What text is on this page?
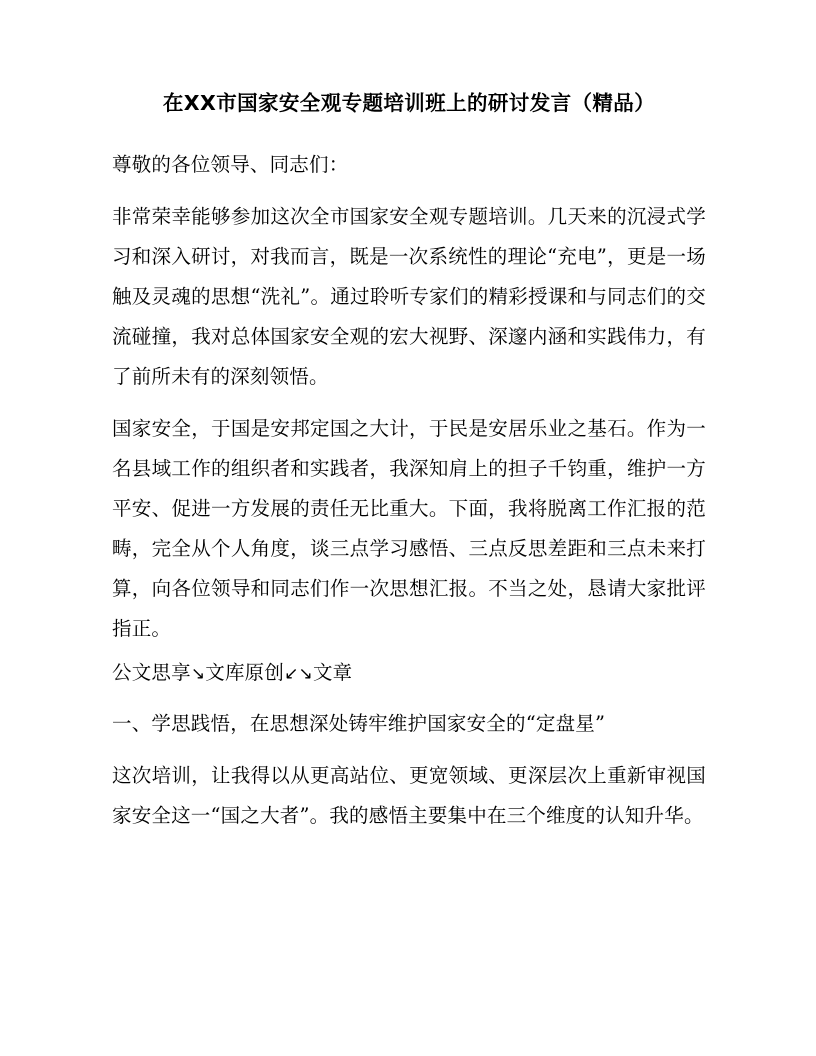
在XX市国家安全观专题培训班上的研讨发言（精品）

尊敬的各位领导、同志们：

非常荣幸能够参加这次全市国家安全观专题培训。几天来的沉浸式学习和深入研讨，对我而言，既是一次系统性的理论“充电”，更是一场触及灵魂的思想“洗礼”。通过聆听专家们的精彩授课和与同志们的交流碰撞，我对总体国家安全观的宏大视野、深邃内涵和实践伟力，有了前所未有的深刻领悟。

国家安全，于国是安邦定国之大计，于民是安居乐业之基石。作为一名县域工作的组织者和实践者，我深知肩上的担子千钧重，维护一方平安、促进一方发展的责任无比重大。下面，我将脱离工作汇报的范畴，完全从个人角度，谈三点学习感悟、三点反思差距和三点未来打算，向各位领导和同志们作一次思想汇报。不当之处，恳请大家批评指正。

公文思享↘文库原创↙↘文章

一、学思践悟，在思想深处铸牢维护国家安全的“定盘星”

这次培训，让我得以从更高站位、更宽领域、更深层次上重新审视国家安全这一“国之大者”。我的感悟主要集中在三个维度的认知升华。
